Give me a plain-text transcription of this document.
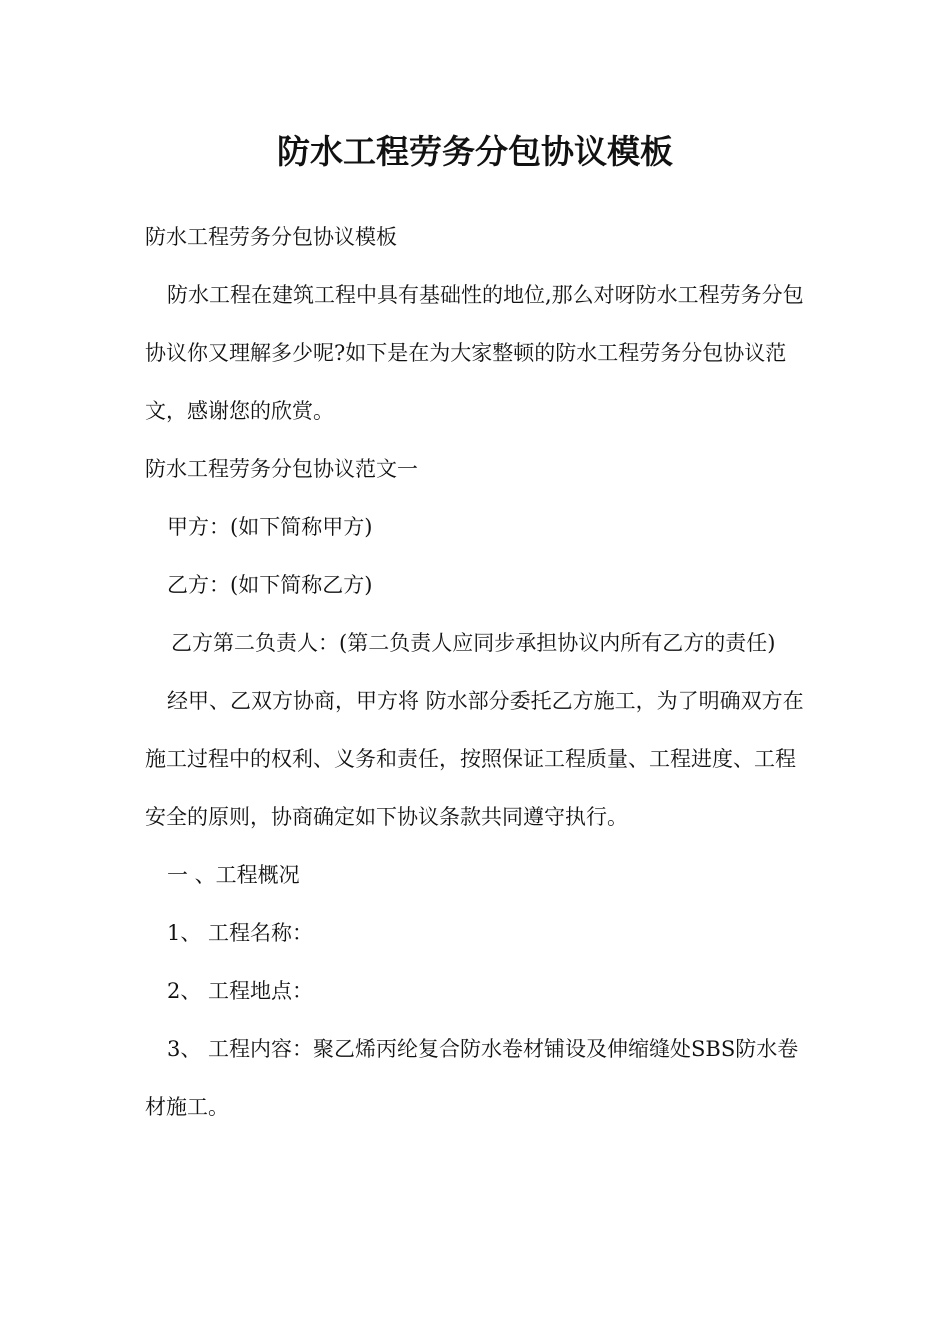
防水工程劳务分包协议模板

防水工程劳务分包协议模板

防水工程在建筑工程中具有基础性的地位,那么对呀防水工程劳务分包协议你又理解多少呢?如下是在为大家整顿的防水工程劳务分包协议范文，感谢您的欣赏。

防水工程劳务分包协议范文一

甲方：(如下简称甲方)

乙方：(如下简称乙方)

乙方第二负责人：(第二负责人应同步承担协议内所有乙方的责任)

经甲、乙双方协商，甲方将 防水部分委托乙方施工，为了明确双方在施工过程中的权利、义务和责任，按照保证工程质量、工程进度、工程安全的原则，协商确定如下协议条款共同遵守执行。

一 、工程概况

1、 工程名称：

2、 工程地点：

3、 工程内容：聚乙烯丙纶复合防水卷材铺设及伸缩缝处SBS防水卷材施工。
